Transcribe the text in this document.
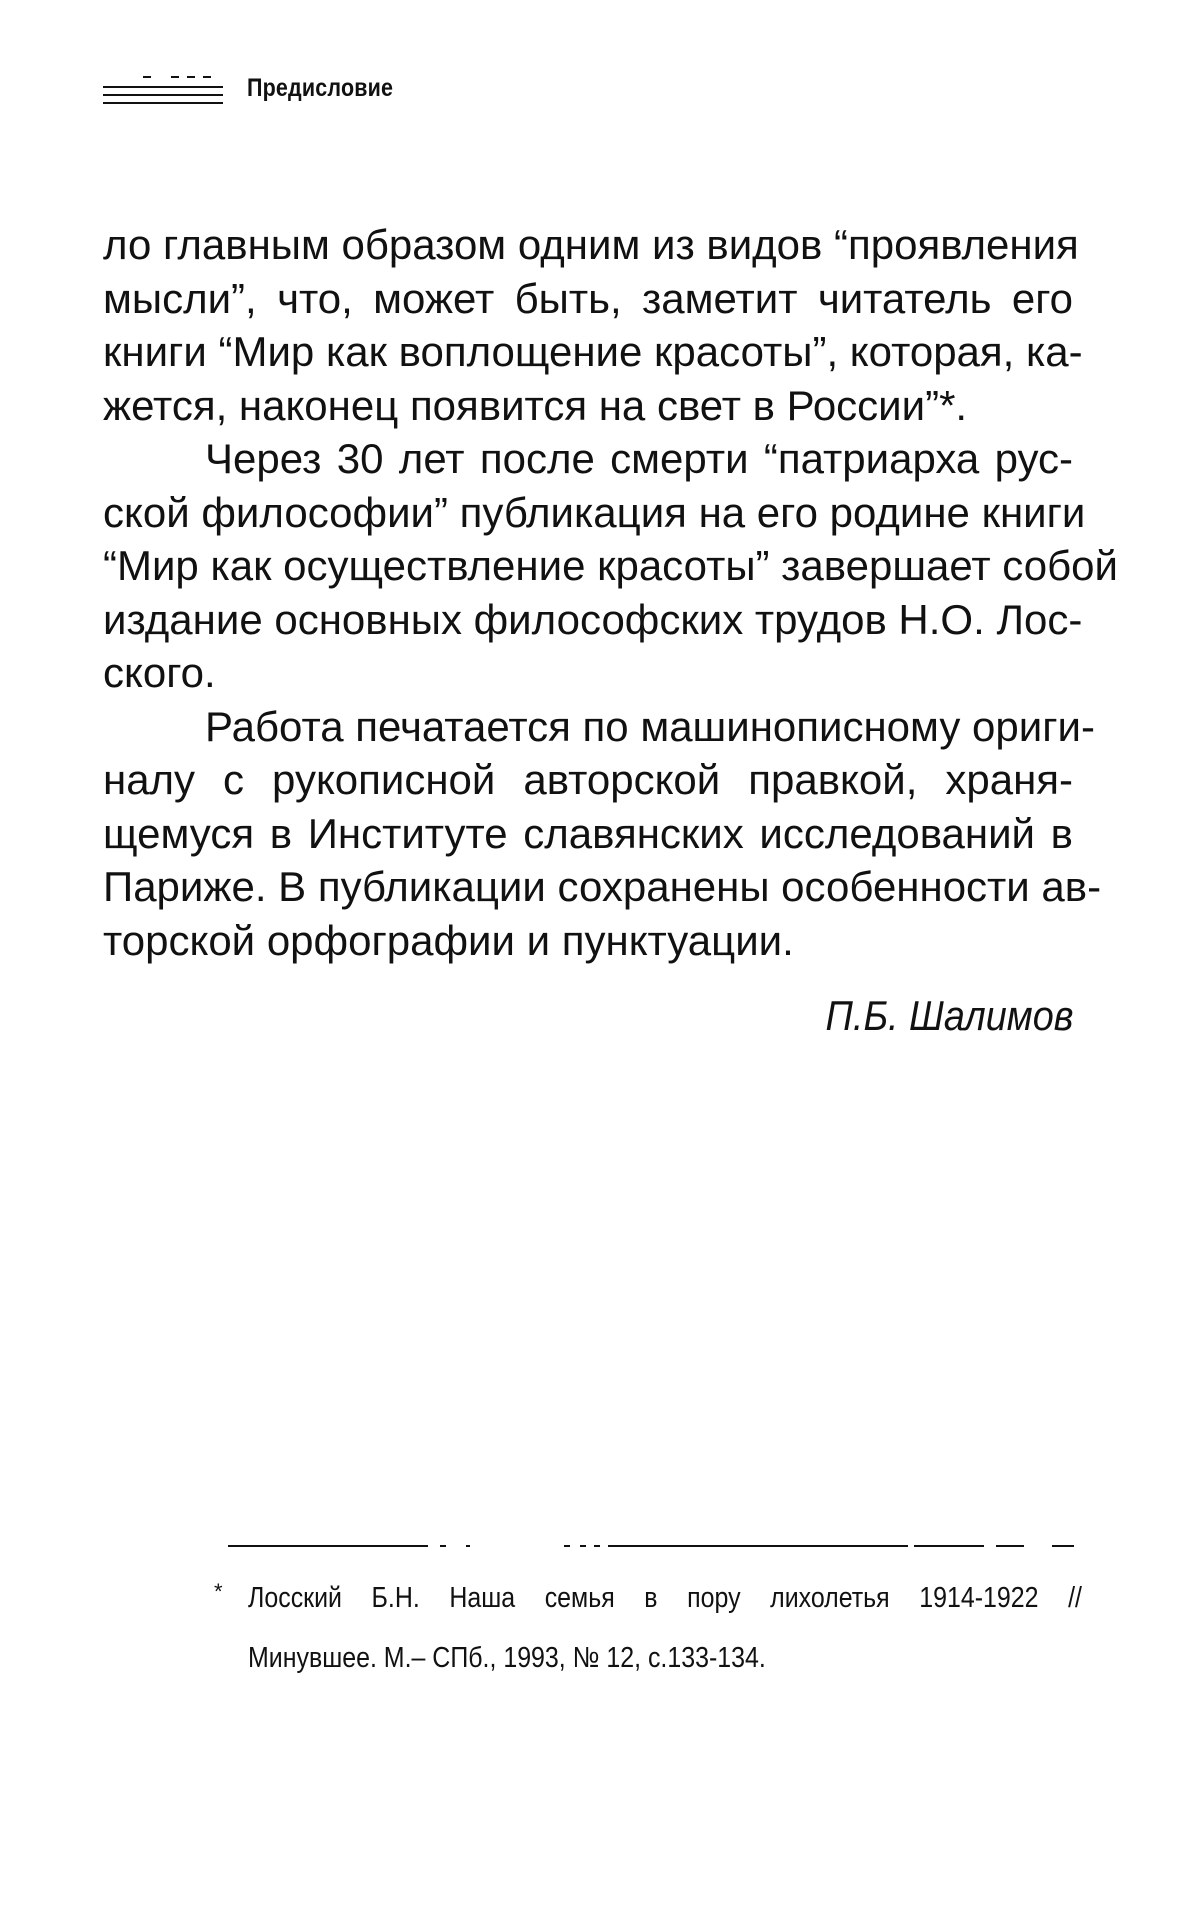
Предисловие

ло главным образом одним из видов “проявления
мысли”, что, может быть, заметит читатель его
книги “Мир как воплощение красоты”, которая, ка-
жется, наконец появится на свет в России”*.

Через 30 лет после смерти “патриарха рус-
ской философии” публикация на его родине книги
“Мир как осуществление красоты” завершает собой
издание основных философских трудов Н.О. Лос-
ского.

Работа печатается по машинописному ориги-
налу с рукописной авторской правкой, храня-
щемуся в Институте славянских исследований в
Париже. В публикации сохранены особенности ав-
торской орфографии и пунктуации.

П.Б. Шалимов
* Лосский Б.Н. Наша семья в пору лихолетья 1914-1922 //
Минувшее. М.– СПб., 1993, № 12, с.133-134.
